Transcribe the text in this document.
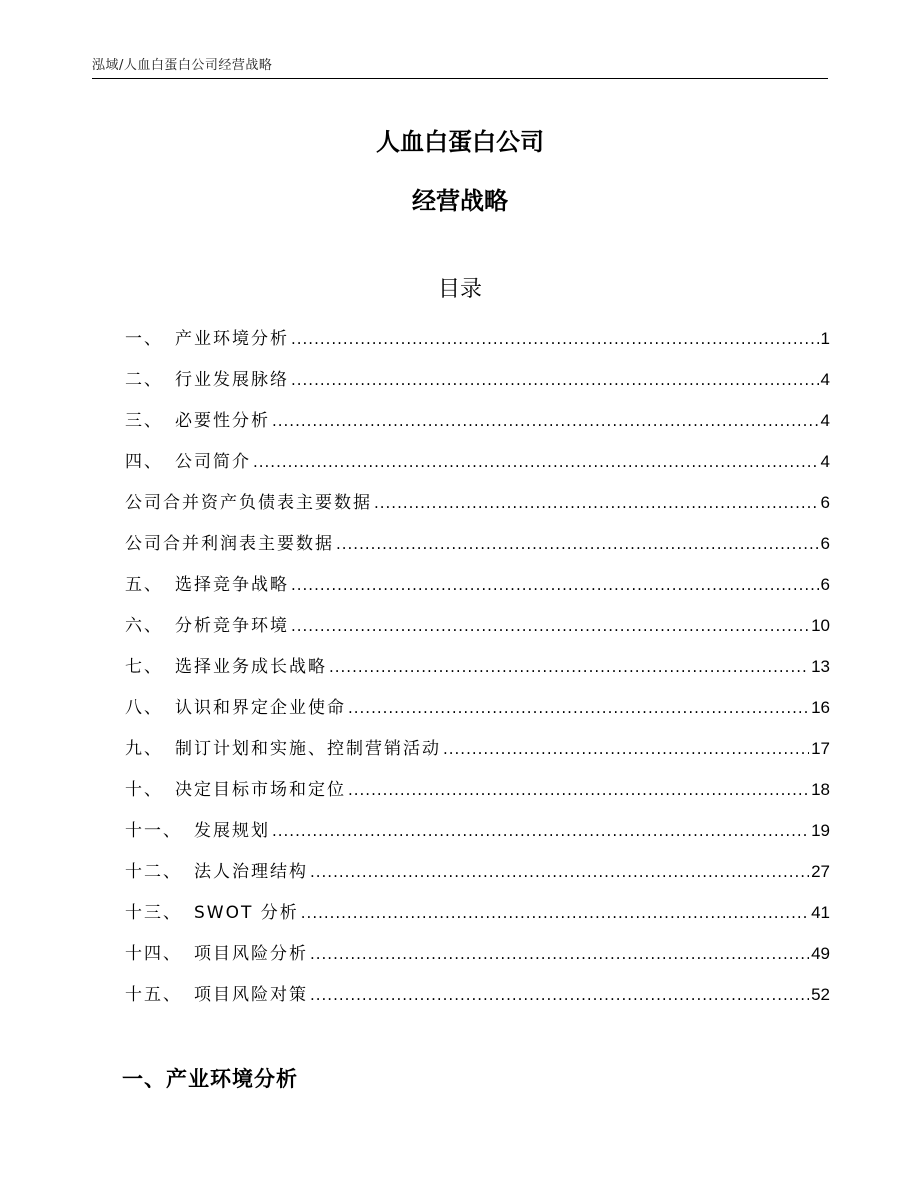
泓域/人血白蛋白公司经营战略
人血白蛋白公司
经营战略
目录
一、 产业环境分析 .....	1
二、 行业发展脉络 .....	4
三、 必要性分析 .....	4
四、 公司简介 .....	4
公司合并资产负债表主要数据 .....	6
公司合并利润表主要数据 .....	6
五、 选择竞争战略 .....	6
六、 分析竞争环境 .....	10
七、 选择业务成长战略 .....	13
八、 认识和界定企业使命 .....	16
九、 制订计划和实施、控制营销活动 .....	17
十、 决定目标市场和定位 .....	18
十一、 发展规划 .....	19
十二、 法人治理结构 .....	27
十三、 SWOT 分析 .....	41
十四、 项目风险分析 .....	49
十五、 项目风险对策 .....	52
一、产业环境分析
